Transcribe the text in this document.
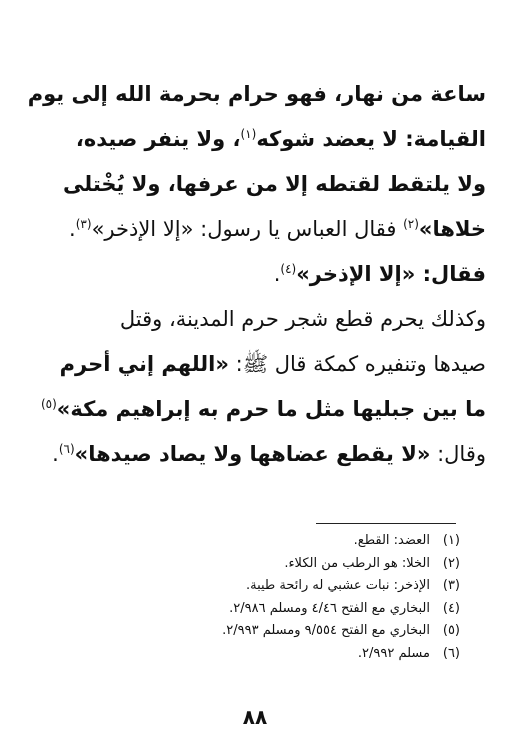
ساعة من نهار، فهو حرام بحرمة الله إلى يوم
القيامة: لا يعضد شوكه$^{(١)}$، ولا ينفر صيده،
ولا يلتقط لقتطه إلا من عرفها، ولا يُخْتلى
خلاها»$^{(٢)}$ فقال العباس يا رسول: «إلا الإذخر»$^{(٣)}$.
فقال: «إلا الإذخر»$^{(٤)}$.
وكذلك يحرم قطع شجر حرم المدينة، وقتل
صيدها وتنفيره كمكة قال ﷺ: «اللهم إني أحرم
ما بين جبليها مثل ما حرم به إبراهيم مكة»$^{(٥)}$
وقال: «لا يقطع عضاهها ولا يصاد صيدها»$^{(٦)}$.
(١)العضد: القطع.
(٢)الخلا: هو الرطب من الكلاء.
(٣)الإذخر: نبات عشبي له رائحة طيبة.
(٤)البخاري مع الفتح ٤/٤٦ ومسلم ٢/٩٨٦.
(٥)البخاري مع الفتح ٩/٥٥٤ ومسلم ٢/٩٩٣.
(٦)مسلم ٢/٩٩٢.
٨٨
